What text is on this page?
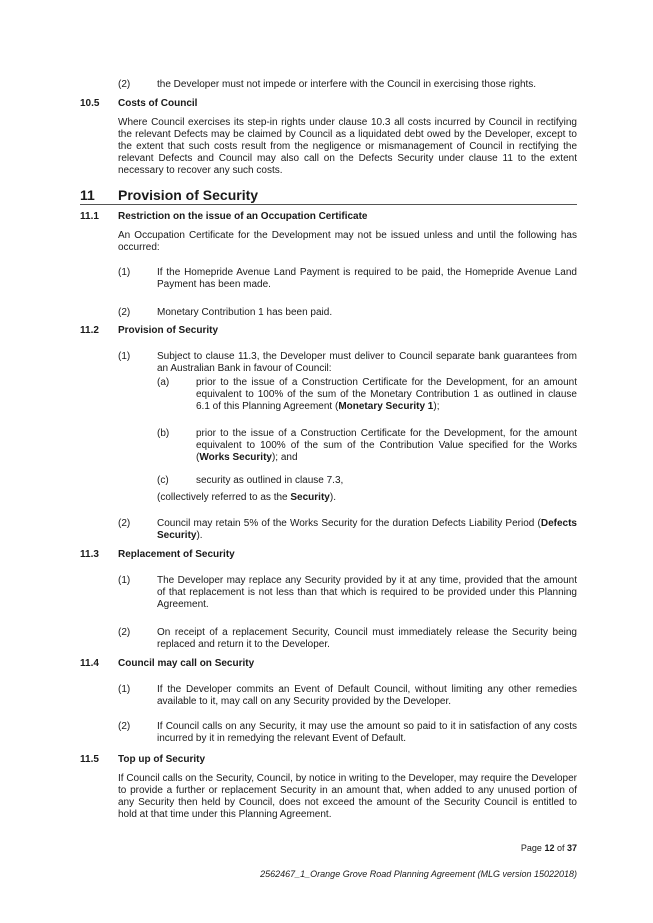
(2)	the Developer must not impede or interfere with the Council in exercising those rights.
10.5 Costs of Council
Where Council exercises its step-in rights under clause 10.3 all costs incurred by Council in rectifying the relevant Defects may be claimed by Council as a liquidated debt owed by the Developer, except to the extent that such costs result from the negligence or mismanagement of Council in rectifying the relevant Defects and Council may also call on the Defects Security under clause 11 to the extent necessary to recover any such costs.
11 Provision of Security
11.1 Restriction on the issue of an Occupation Certificate
An Occupation Certificate for the Development may not be issued unless and until the following has occurred:
(1)	If the Homepride Avenue Land Payment is required to be paid, the Homepride Avenue Land Payment has been made.
(2)	Monetary Contribution 1 has been paid.
11.2 Provision of Security
(1)	Subject to clause 11.3, the Developer must deliver to Council separate bank guarantees from an Australian Bank in favour of Council:
(a)	prior to the issue of a Construction Certificate for the Development, for an amount equivalent to 100% of the sum of the Monetary Contribution 1 as outlined in clause 6.1 of this Planning Agreement (Monetary Security 1);
(b)	prior to the issue of a Construction Certificate for the Development, for the amount equivalent to 100% of the sum of the Contribution Value specified for the Works (Works Security); and
(c)	security as outlined in clause 7.3,
(collectively referred to as the Security).
(2)	Council may retain 5% of the Works Security for the duration Defects Liability Period (Defects Security).
11.3 Replacement of Security
(1)	The Developer may replace any Security provided by it at any time, provided that the amount of that replacement is not less than that which is required to be provided under this Planning Agreement.
(2)	On receipt of a replacement Security, Council must immediately release the Security being replaced and return it to the Developer.
11.4 Council may call on Security
(1)	If the Developer commits an Event of Default Council, without limiting any other remedies available to it, may call on any Security provided by the Developer.
(2)	If Council calls on any Security, it may use the amount so paid to it in satisfaction of any costs incurred by it in remedying the relevant Event of Default.
11.5 Top up of Security
If Council calls on the Security, Council, by notice in writing to the Developer, may require the Developer to provide a further or replacement Security in an amount that, when added to any unused portion of any Security then held by Council, does not exceed the amount of the Security Council is entitled to hold at that time under this Planning Agreement.
Page 12 of 37
2562467_1_Orange Grove Road Planning Agreement (MLG version 15022018)
